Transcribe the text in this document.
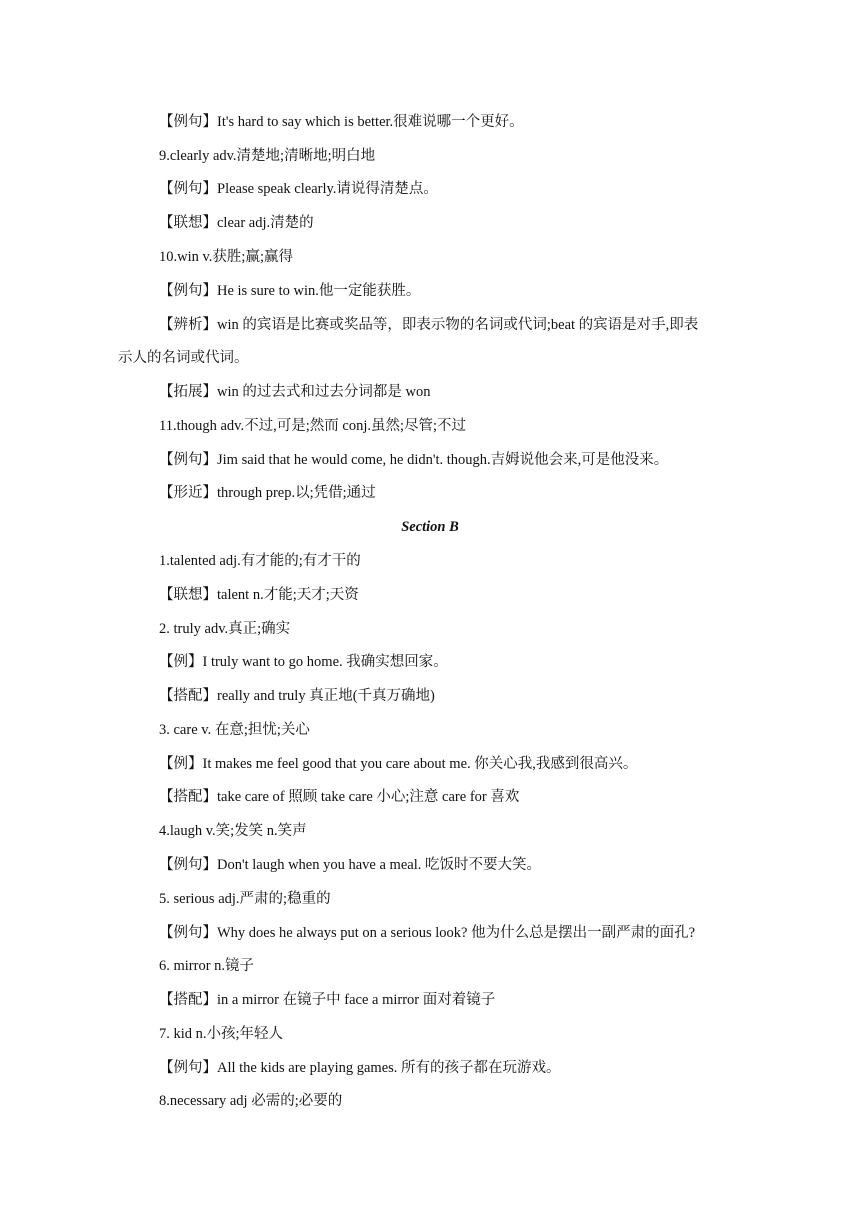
【例句】It's hard to say which is better.很难说哪一个更好。
9.clearly adv.清楚地;清晰地;明白地
【例句】Please speak clearly.请说得清楚点。
【联想】clear adj.清楚的
10.win v.获胜;赢;赢得
【例句】He is sure to win.他一定能获胜。
【辨析】win 的宾语是比赛或奖品等，即表示物的名词或代词;beat 的宾语是对手,即表
示人的名词或代词。
【拓展】win 的过去式和过去分词都是 won
11.though adv.不过,可是;然而 conj.虽然;尽管;不过
【例句】Jim said that he would come, he didn't. though.吉姆说他会来,可是他没来。
【形近】through prep.以;凭借;通过
Section B
1.talented adj.有才能的;有才干的
【联想】talent n.才能;天才;天资
2. truly adv.真正;确实
【例】I truly want to go home. 我确实想回家。
【搭配】really and truly 真正地(千真万确地)
3. care v. 在意;担忧;关心
【例】It makes me feel good that you care about me. 你关心我,我感到很高兴。
【搭配】take care of 照顾 take care 小心;注意 care for 喜欢
4.laugh v.笑;发笑 n.笑声
【例句】Don't laugh when you have a meal. 吃饭时不要大笑。
5. serious adj.严肃的;稳重的
【例句】Why does he always put on a serious look? 他为什么总是摆出一副严肃的面孔?
6. mirror n.镜子
【搭配】in a mirror 在镜子中 face a mirror 面对着镜子
7. kid n.小孩;年轻人
【例句】All the kids are playing games. 所有的孩子都在玩游戏。
8.necessary adj 必需的;必要的
